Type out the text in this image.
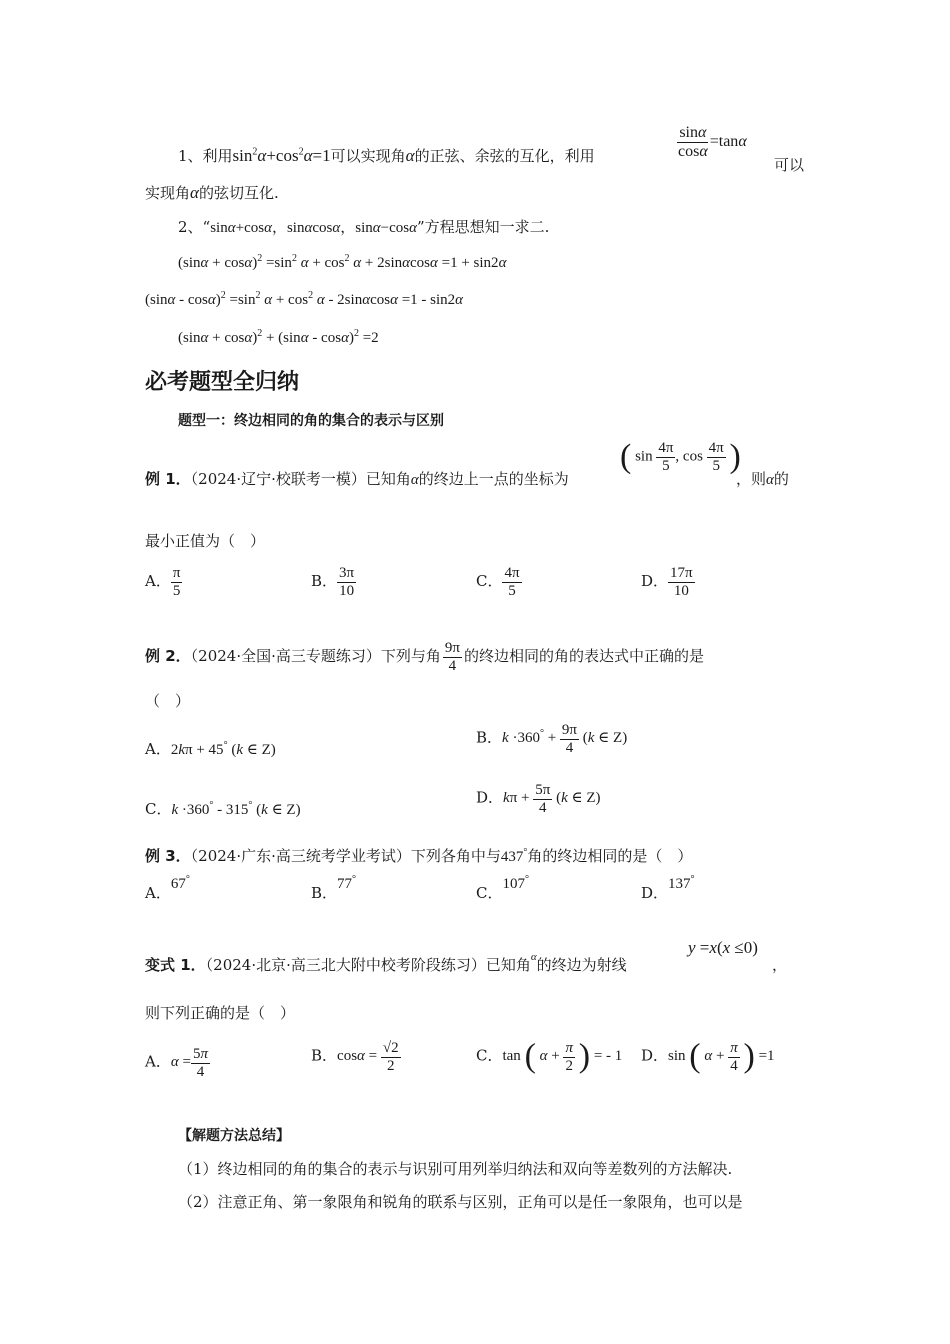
1、利用$\sin^2\alpha+\cos^2\alpha=1$可以实现角α的正弦、余弦的互化，利用	$\frac{\sin\alpha}{\cos\alpha} =\tan\alpha$
可以
实现角α的弦切互化.
2、“sinα+cosα，sinαcosα，sinα−cosα”方程思想知一求二.
$(\sin\alpha + \cos\alpha)^2 =\sin^2$ $\alpha + \cos^2 \alpha + 2\sin\alpha\cos\alpha =1 + \sin 2\alpha$
$(\sin\alpha - \cos\alpha)^2 =\sin^2$ $\alpha + \cos^2 \alpha - 2\sin\alpha\cos\alpha =1 - \sin 2\alpha$
$(\sin\alpha + \cos\alpha)^2 + (\sin\alpha - \cos\alpha)^2 =2$
必考题型全归纳
题型一：终边相同的角的集合的表示与区别
例 1．（2024·辽宁·校联考一模）已知角α的终边上一点的坐标为
( $\sin \frac{4\pi}{5}$ , $\cos \frac{4\pi}{5}$ )
，则α的
最小正值为（　）
A． $\frac{\pi}{5}$	B． $\frac{3\pi}{10}$	C． $\frac{4\pi}{5}$	D． $\frac{17\pi}{10}$
例 2．（2024·全国·高三专题练习）下列与角 $\frac{9\pi}{4}$ 的终边相同的角的表达式中正确的是
（　）
A．2kπ + 45° (k ∈ Z)
B．$k \cdot 360^\circ + \frac{9\pi}{4} (k$ ∈ Z)
C．k ·360° - 315° (k ∈ Z)
D．$k\pi + \frac{5\pi}{4} (k$ ∈ Z)
例 3．（2024·广东·高三统考学业考试）下列各角中与437°角的终边相同的是（　）
A．67°
B．77°
C．107°
D．137°
变式 1．（2024·北京·高三北大附中校考阶段练习）已知角$^\alpha$的终边为射线
y =x(x ≤0)
，
则下列正确的是（　）
A．$\alpha = \frac{5\pi}{4}$	B．$\cos\alpha = \frac{√2}{2}$	C．tan ( $\alpha + \frac{\pi}{2}$ ) = - 1 D．sin ( $\alpha + \frac{\pi}{4}$ ) =1
【解题方法总结】
（1）终边相同的角的集合的表示与识别可用列举归纳法和双向等差数列的方法解决.
（2）注意正角、第一象限角和锐角的联系与区别，正角可以是任一象限角，也可以是
